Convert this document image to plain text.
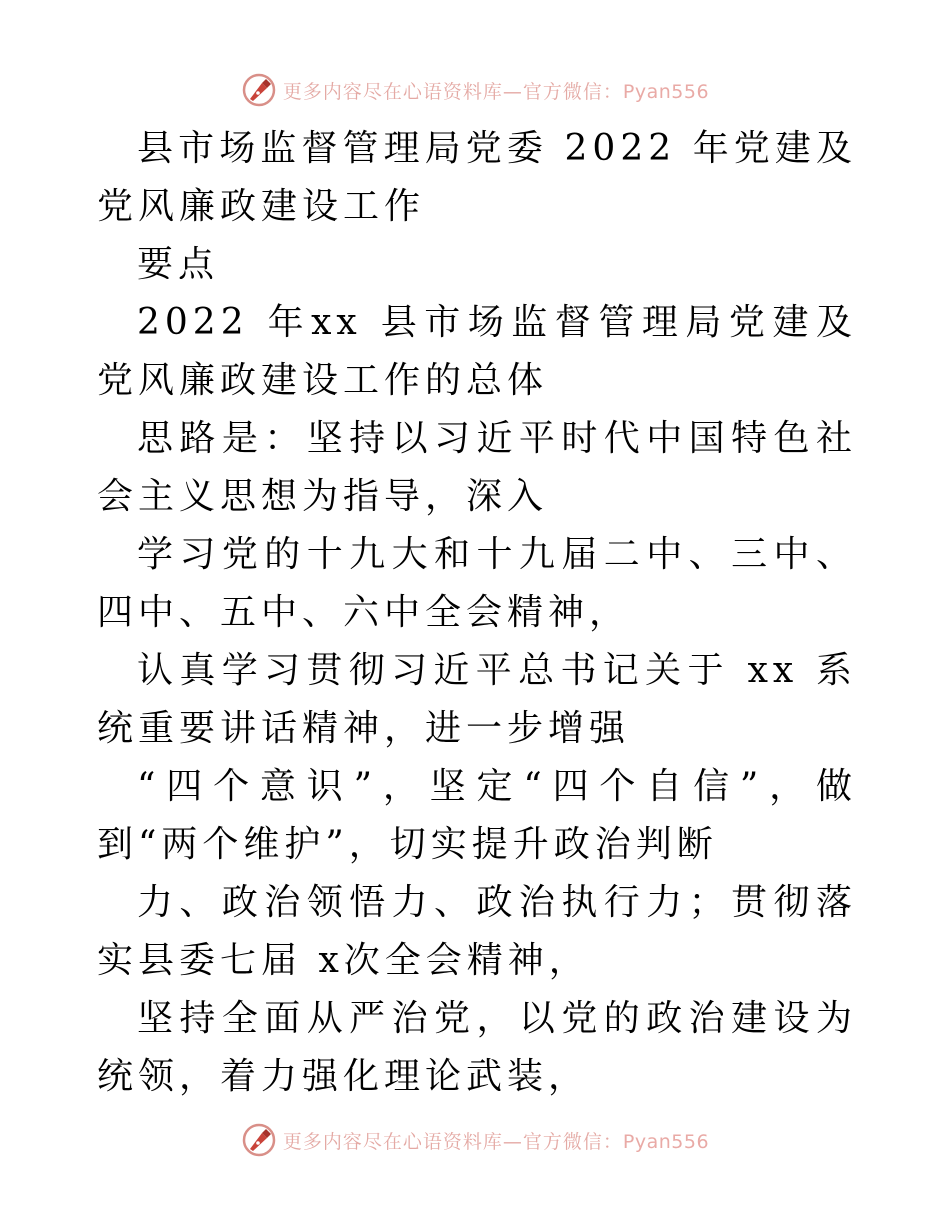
更多内容尽在心语资料库—官方微信：Pyan556

县市场监督管理局党委 2022 年党建及党风廉政建设工作

要点

2022 年xx 县市场监督管理局党建及党风廉政建设工作的总体

思路是：坚持以习近平时代中国特色社会主义思想为指导，深入

学习党的十九大和十九届二中、三中、四中、五中、六中全会精神，

认真学习贯彻习近平总书记关于 xx 系统重要讲话精神，进一步增强

“四个意识”，坚定“四个自信”，做到“两个维护”，切实提升政治判断

力、政治领悟力、政治执行力；贯彻落实县委七届 x次全会精神，

坚持全面从严治党，以党的政治建设为统领，着力强化理论武装，

更多内容尽在心语资料库—官方微信：Pyan556
